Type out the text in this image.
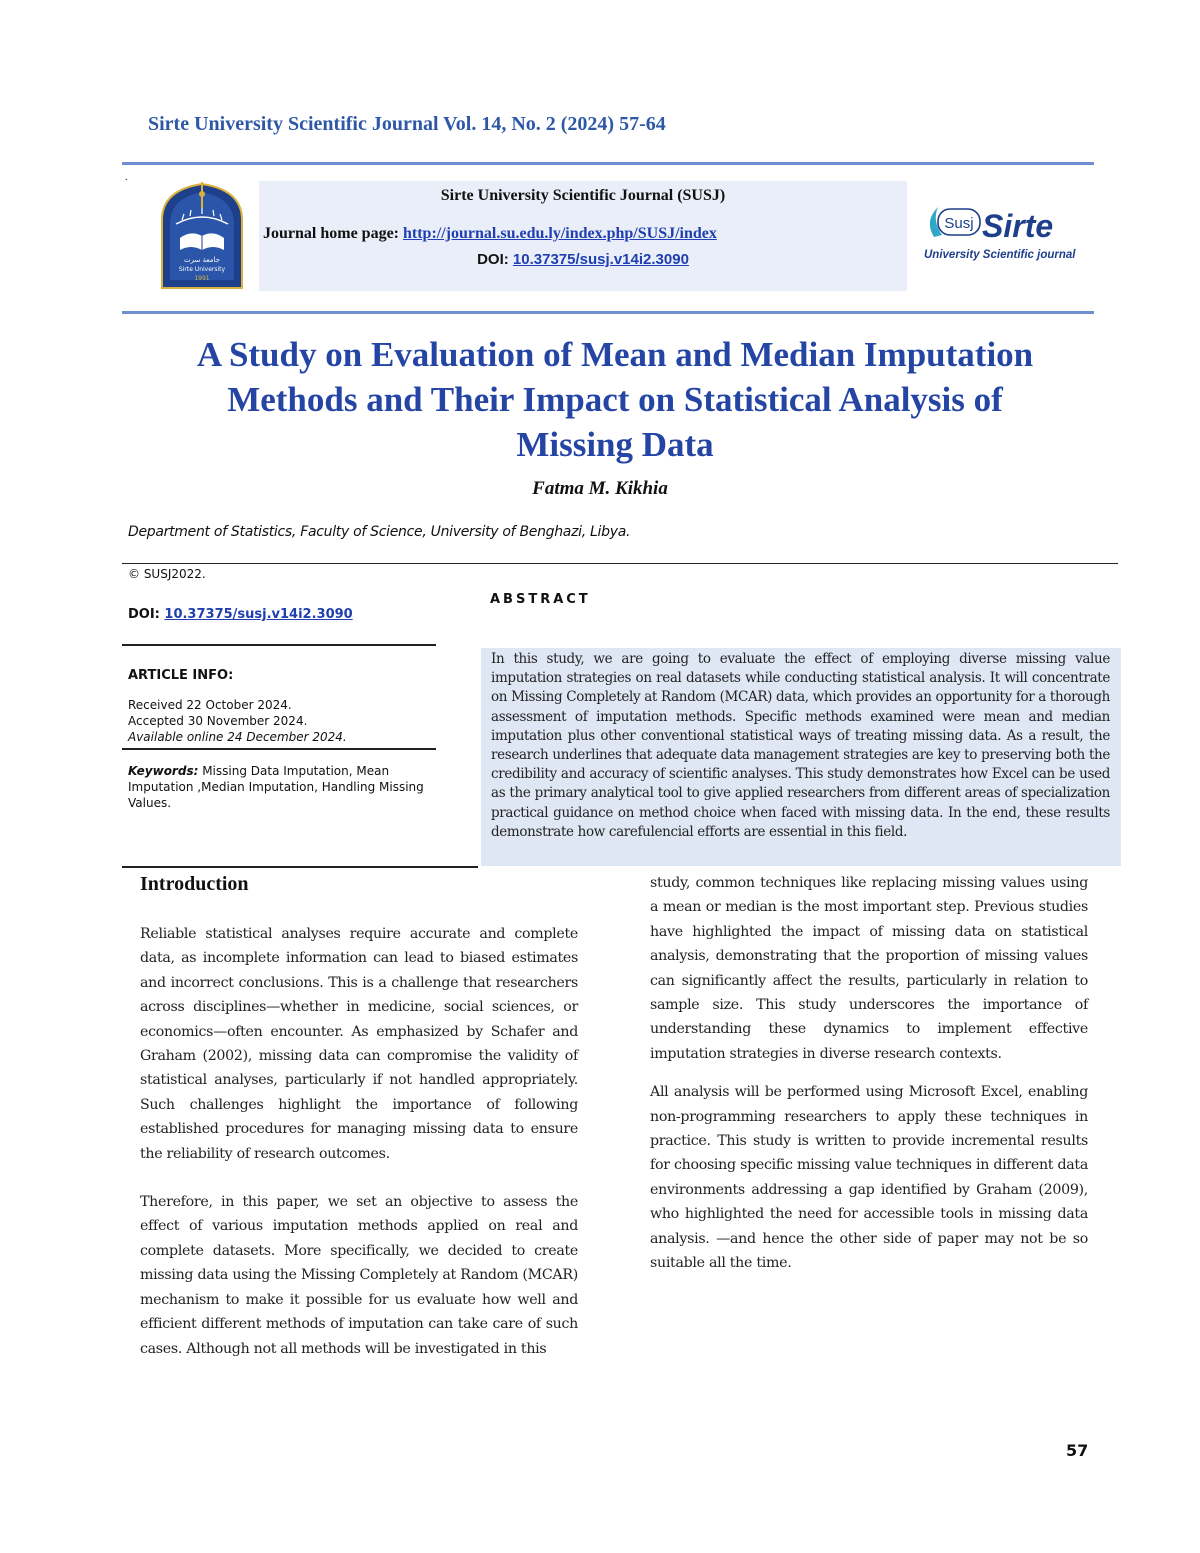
Sirte University Scientific Journal Vol. 14, No. 2 (2024) 57-64
.
جامعة سرت
Sirte University
1991
Sirte University Scientific Journal (SUSJ)
Journal home page: http://journal.su.edu.ly/index.php/SUSJ/index
DOI: 10.37375/susj.v14i2.3090
Susj Sirte
University Scientific journal
A Study on Evaluation of Mean and Median Imputation
Methods and Their Impact on Statistical Analysis of
Missing Data
Fatma M. Kikhia
Department of Statistics, Faculty of Science, University of Benghazi, Libya.
© SUSJ2022.
DOI: 10.37375/susj.v14i2.3090
ABSTRACT
ARTICLE INFO:
Received 22 October 2024.
Accepted 30 November 2024.
Available online 24 December 2024.
Keywords: Missing Data Imputation, Mean Imputation ,Median Imputation, Handling Missing Values.
In this study, we are going to evaluate the effect of employing diverse missing value imputation strategies on real datasets while conducting statistical analysis. It will concentrate on Missing Completely at Random (MCAR) data, which provides an opportunity for a thorough assessment of imputation methods. Specific methods examined were mean and median imputation plus other conventional statistical ways of treating missing data. As a result, the research underlines that adequate data management strategies are key to preserving both the credibility and accuracy of scientific analyses. This study demonstrates how Excel can be used as the primary analytical tool to give applied researchers from different areas of specialization practical guidance on method choice when faced with missing data. In the end, these results demonstrate how carefulencial efforts are essential in this field.
Introduction

Reliable statistical analyses require accurate and complete data, as incomplete information can lead to biased estimates and incorrect conclusions. This is a challenge that researchers across disciplines—whether in medicine, social sciences, or economics—often encounter. As emphasized by Schafer and Graham (2002), missing data can compromise the validity of statistical analyses, particularly if not handled appropriately. Such challenges highlight the importance of following established procedures for managing missing data to ensure the reliability of research outcomes.

Therefore, in this paper, we set an objective to assess the effect of various imputation methods applied on real and complete datasets. More specifically, we decided to create missing data using the Missing Completely at Random (MCAR) mechanism to make it possible for us evaluate how well and efficient different methods of imputation can take care of such cases. Although not all methods will be investigated in this

study, common techniques like replacing missing values using a mean or median is the most important step. Previous studies have highlighted the impact of missing data on statistical analysis, demonstrating that the proportion of missing values can significantly affect the results, particularly in relation to sample size. This study underscores the importance of understanding these dynamics to implement effective imputation strategies in diverse research contexts.

All analysis will be performed using Microsoft Excel, enabling non-programming researchers to apply these techniques in practice. This study is written to provide incremental results for choosing specific missing value techniques in different data environments addressing a gap identified by Graham (2009), who highlighted the need for accessible tools in missing data analysis. —and hence the other side of paper may not be so suitable all the time.

57
